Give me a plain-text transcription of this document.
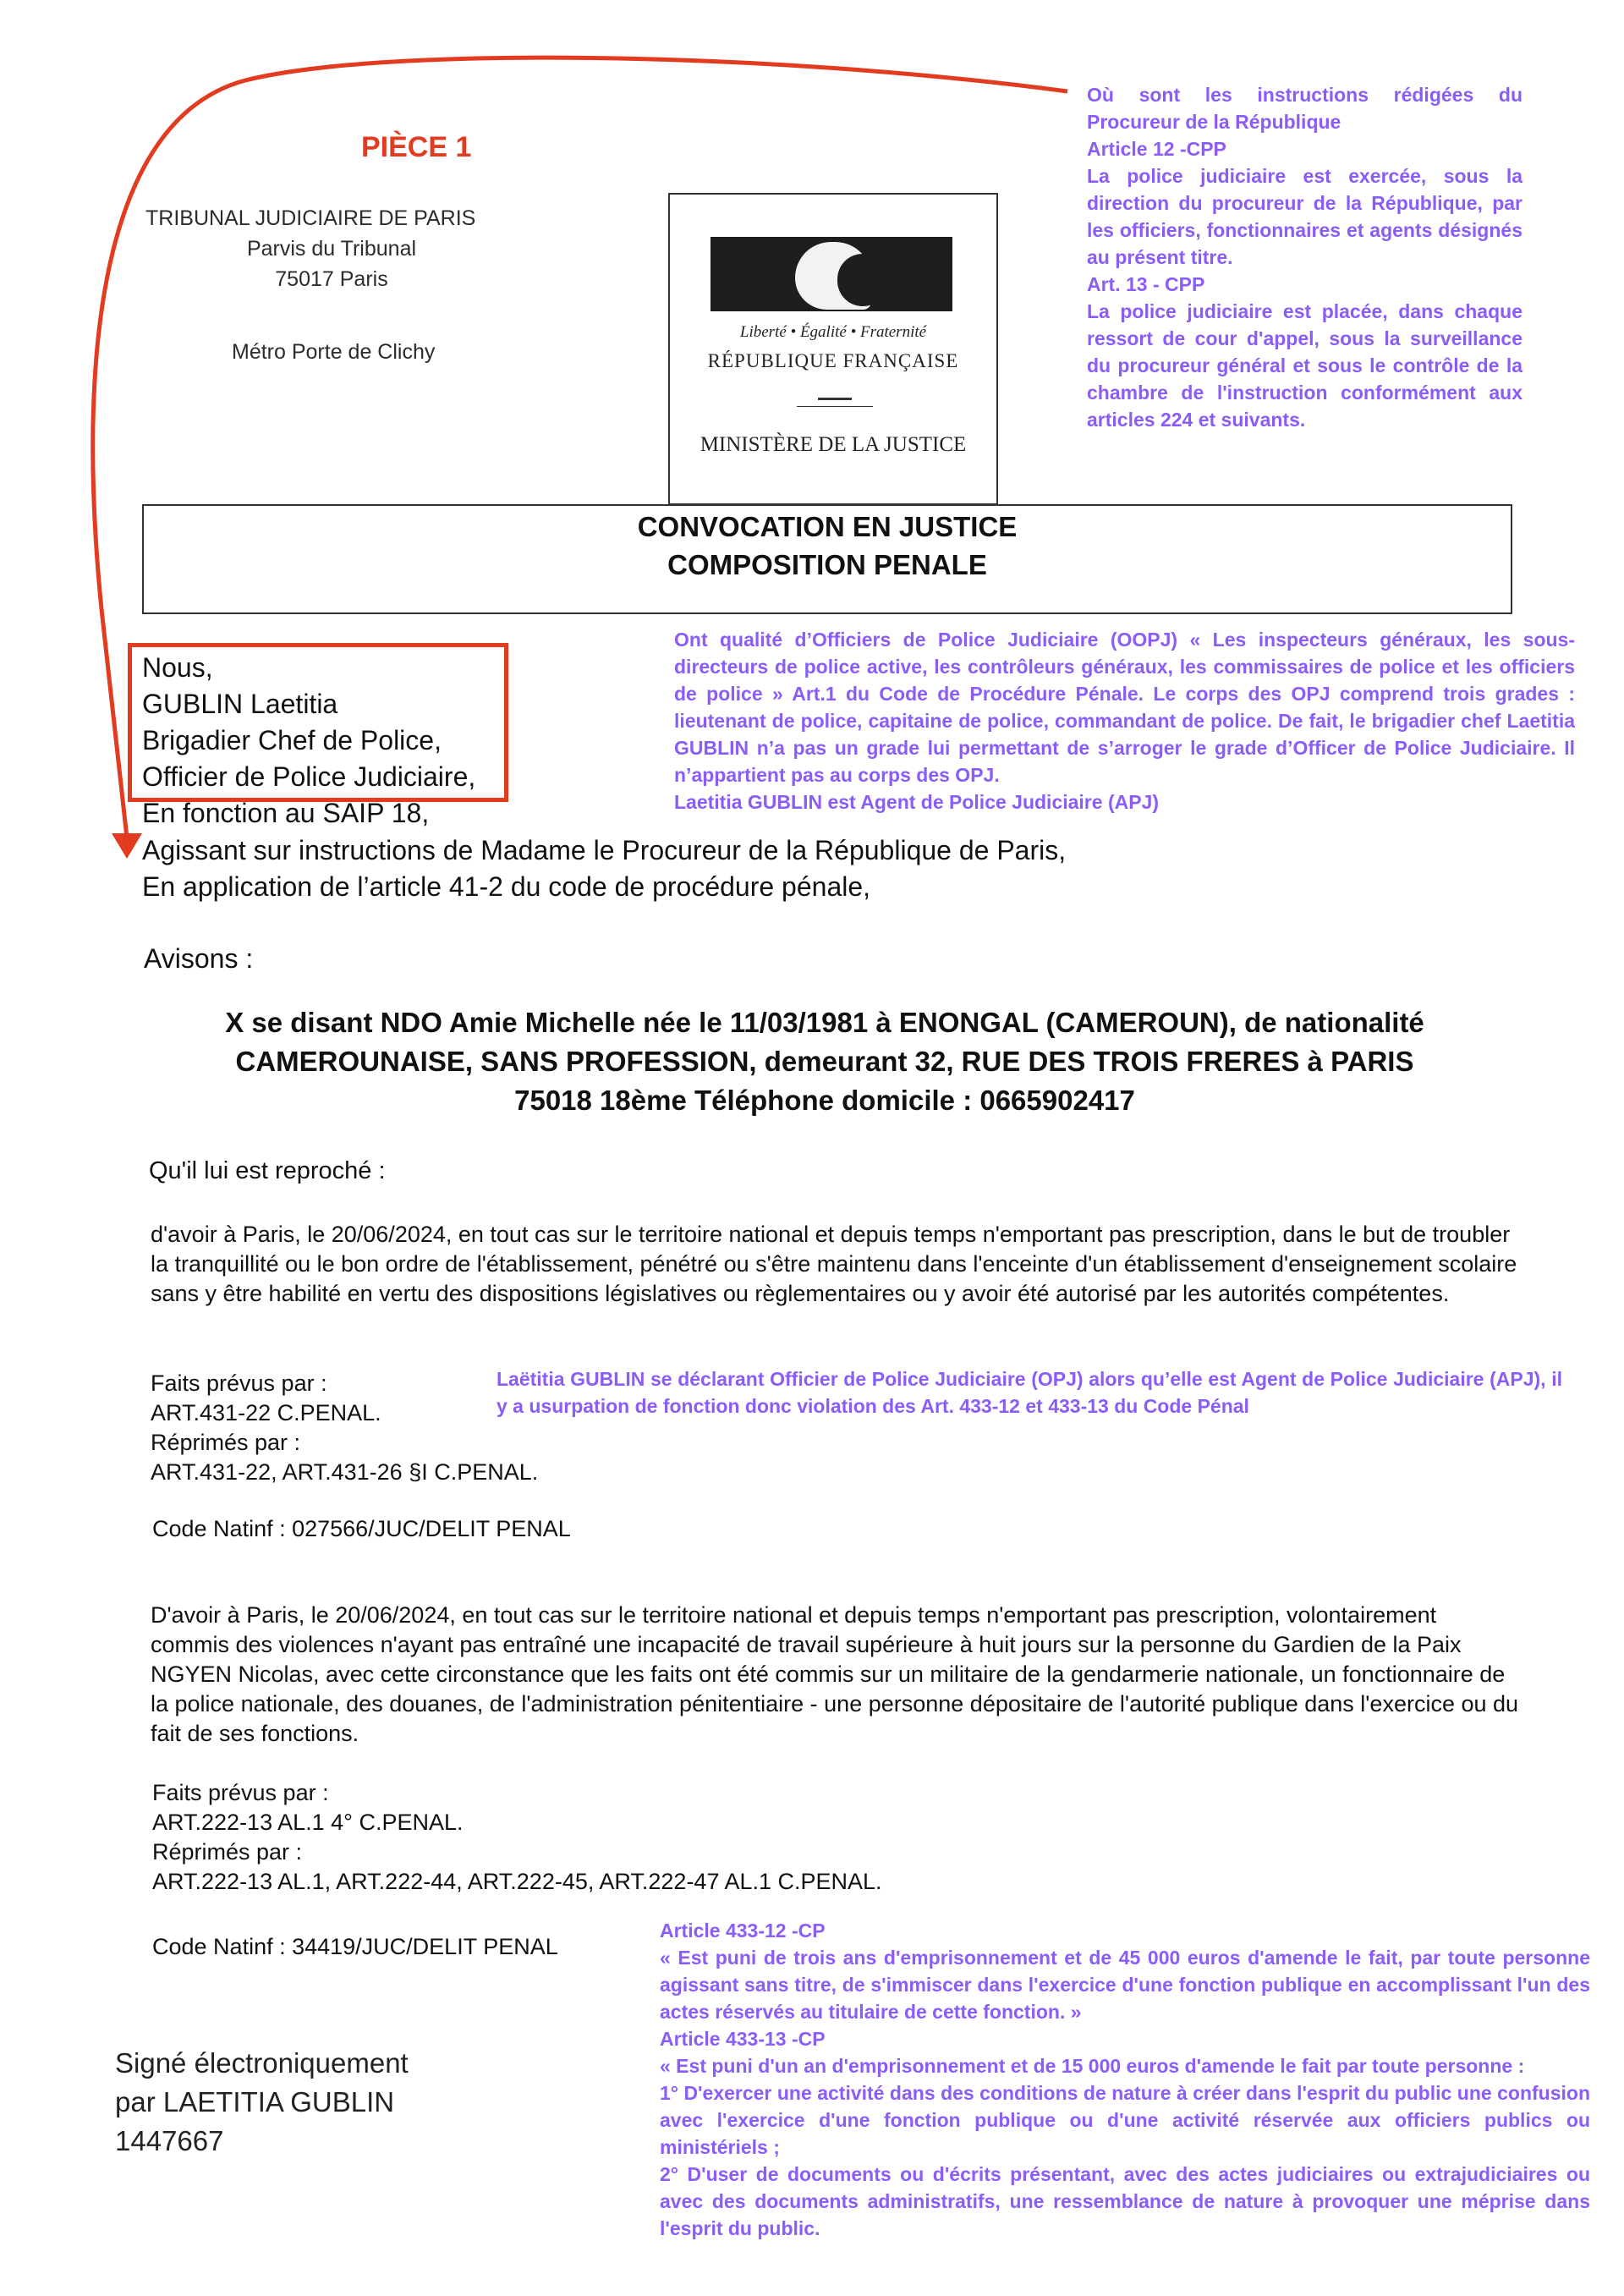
PIÈCE 1
TRIBUNAL JUDICIAIRE DE PARIS
Parvis du Tribunal
75017 Paris
Métro Porte de Clichy
Liberté • Égalité • Fraternité
RÉPUBLIQUE FRANÇAISE
MINISTÈRE DE LA JUSTICE
Où sont les instructions rédigées du Procureur de la République
Article 12 -CPP
La police judiciaire est exercée, sous la direction du procureur de la République, par les officiers, fonctionnaires et agents désignés au présent titre.
Art. 13 - CPP
La police judiciaire est placée, dans chaque ressort de cour d'appel, sous la surveillance du procureur général et sous le contrôle de la chambre de l'instruction conformément aux articles 224 et suivants.
CONVOCATION EN JUSTICE
COMPOSITION PENALE
Ont qualité d’Officiers de Police Judiciaire (OOPJ) « Les inspecteurs généraux, les sous-directeurs de police active, les contrôleurs généraux, les commissaires de police et les officiers de police » Art.1 du Code de Procédure Pénale. Le corps des OPJ comprend trois grades : lieutenant de police, capitaine de police, commandant de police. De fait, le brigadier chef Laetitia GUBLIN n’a pas un grade lui permettant de s’arroger le grade d’Officer de Police Judiciaire. Il n’appartient pas au corps des OPJ.
Laetitia GUBLIN est Agent de Police Judiciaire (APJ)
Nous,
GUBLIN Laetitia
Brigadier Chef de Police,
Officier de Police Judiciaire,
En fonction au SAIP 18,
Agissant sur instructions de Madame le Procureur de la République de Paris,
En application de l’article 41-2 du code de procédure pénale,
Avisons :
X se disant NDO Amie Michelle née le 11/03/1981 à ENONGAL (CAMEROUN), de nationalité
CAMEROUNAISE, SANS PROFESSION, demeurant 32, RUE DES TROIS FRERES à PARIS
75018 18ème Téléphone domicile : 0665902417
Qu'il lui est reproché :
d'avoir à Paris, le 20/06/2024, en tout cas sur le territoire national et depuis temps n'emportant pas prescription, dans le but de troubler la tranquillité ou le bon ordre de l'établissement, pénétré ou s'être maintenu dans l'enceinte d'un établissement d'enseignement scolaire sans y être habilité en vertu des dispositions législatives ou règlementaires ou y avoir été autorisé par les autorités compétentes.
Faits prévus par :
ART.431-22 C.PENAL.
Réprimés par :
ART.431-22, ART.431-26 §I C.PENAL.
Laëtitia GUBLIN se déclarant Officier de Police Judiciaire (OPJ) alors qu’elle est Agent de Police Judiciaire (APJ), il y a usurpation de fonction donc violation des Art. 433-12 et 433-13 du Code Pénal
Code Natinf : 027566/JUC/DELIT PENAL
D'avoir à Paris, le 20/06/2024, en tout cas sur le territoire national et depuis temps n'emportant pas prescription, volontairement commis des violences n'ayant pas entraîné une incapacité de travail supérieure à huit jours sur la personne du Gardien de la Paix NGYEN Nicolas, avec cette circonstance que les faits ont été commis sur un militaire de la gendarmerie nationale, un fonctionnaire de la police nationale, des douanes, de l'administration pénitentiaire - une personne dépositaire de l'autorité publique dans l'exercice ou du fait de ses fonctions.
Faits prévus par :
ART.222-13 AL.1 4° C.PENAL.
Réprimés par :
ART.222-13 AL.1, ART.222-44, ART.222-45, ART.222-47 AL.1 C.PENAL.
Code Natinf : 34419/JUC/DELIT PENAL
Article 433-12 -CP
« Est puni de trois ans d'emprisonnement et de 45 000 euros d'amende le fait, par toute personne agissant sans titre, de s'immiscer dans l'exercice d'une fonction publique en accomplissant l'un des actes réservés au titulaire de cette fonction. »
Article 433-13 -CP
« Est puni d'un an d'emprisonnement et de 15 000 euros d'amende le fait par toute personne :
1° D'exercer une activité dans des conditions de nature à créer dans l'esprit du public une confusion avec l'exercice d'une fonction publique ou d'une activité réservée aux officiers publics ou ministériels ;
2° D'user de documents ou d'écrits présentant, avec des actes judiciaires ou extrajudiciaires ou avec des documents administratifs, une ressemblance de nature à provoquer une méprise dans l'esprit du public.
Signé électroniquement
par LAETITIA GUBLIN
1447667
